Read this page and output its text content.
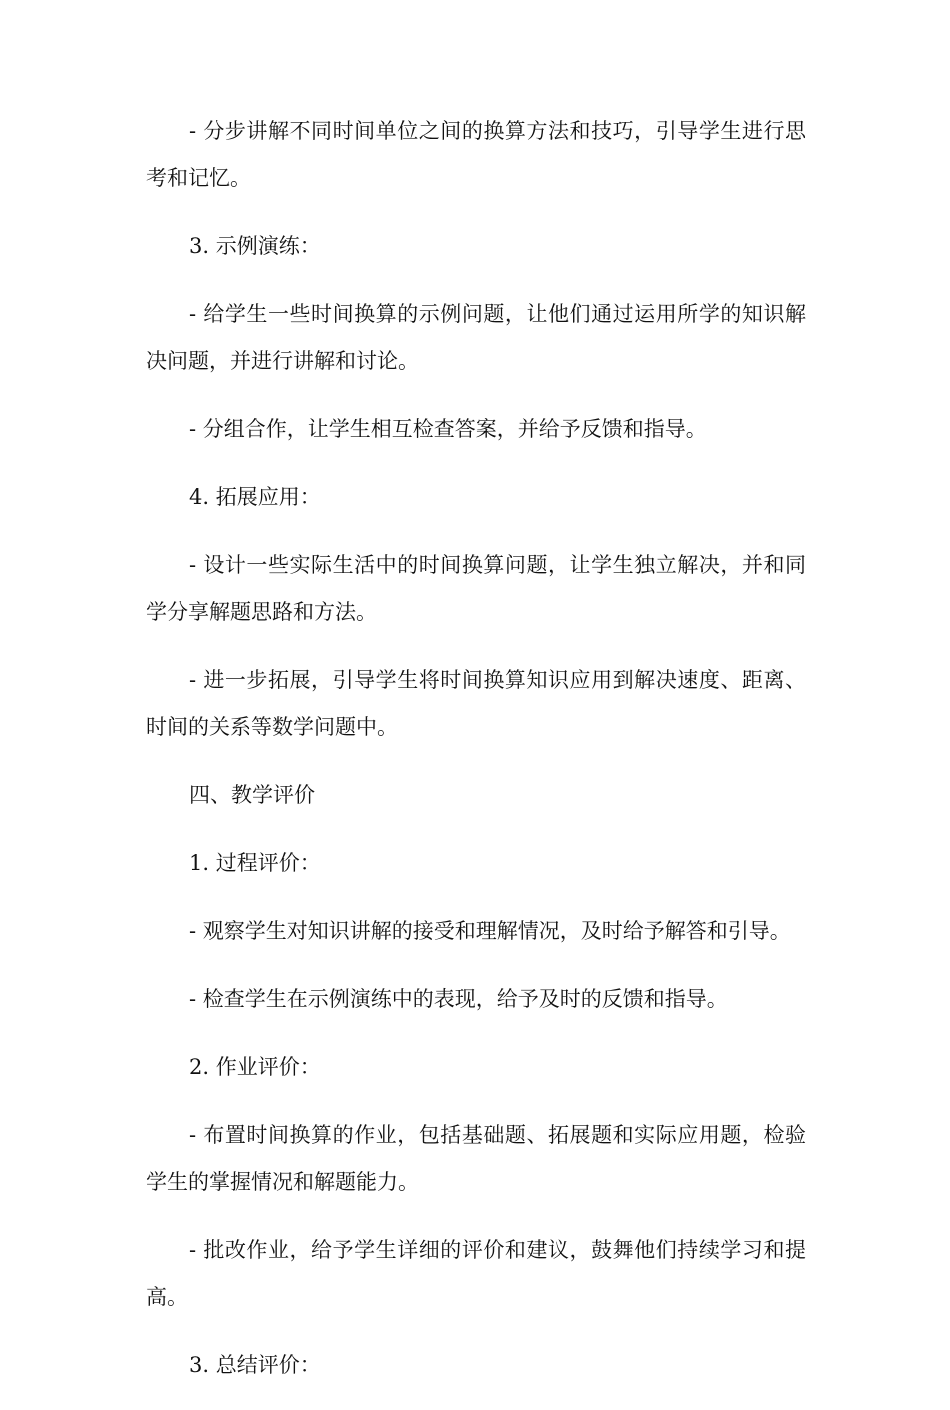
- 分步讲解不同时间单位之间的换算方法和技巧，引导学生进行思考和记忆。

3. 示例演练：

- 给学生一些时间换算的示例问题，让他们通过运用所学的知识解决问题，并进行讲解和讨论。

- 分组合作，让学生相互检查答案，并给予反馈和指导。

4. 拓展应用：

- 设计一些实际生活中的时间换算问题，让学生独立解决，并和同学分享解题思路和方法。

- 进一步拓展，引导学生将时间换算知识应用到解决速度、距离、时间的关系等数学问题中。

四、教学评价

1. 过程评价：

- 观察学生对知识讲解的接受和理解情况，及时给予解答和引导。

- 检查学生在示例演练中的表现，给予及时的反馈和指导。

2. 作业评价：

- 布置时间换算的作业，包括基础题、拓展题和实际应用题，检验学生的掌握情况和解题能力。

- 批改作业，给予学生详细的评价和建议，鼓舞他们持续学习和提高。

3. 总结评价：
